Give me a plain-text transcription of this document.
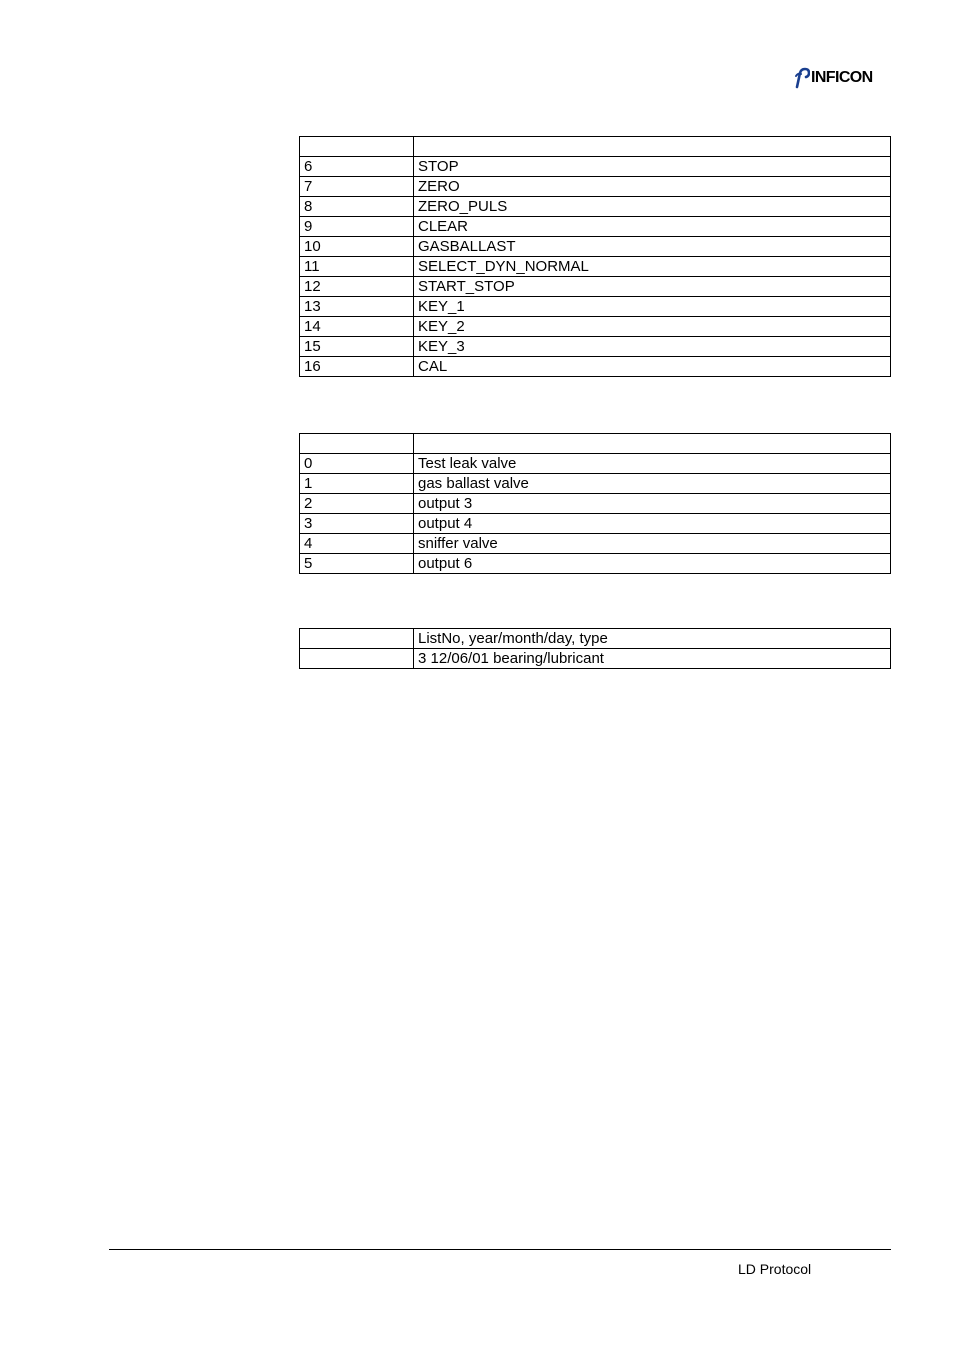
INFICON

6	STOP
7	ZERO
8	ZERO_PULS
9	CLEAR
10	GASBALLAST
11	SELECT_DYN_NORMAL
12	START_STOP
13	KEY_1
14	KEY_2
15	KEY_3
16	CAL

0	Test leak valve
1	gas ballast valve
2	output 3
3	output 4
4	sniffer valve
5	output 6
	ListNo, year/month/day, type
	3 12/06/01 bearing/lubricant
LD Protocol
